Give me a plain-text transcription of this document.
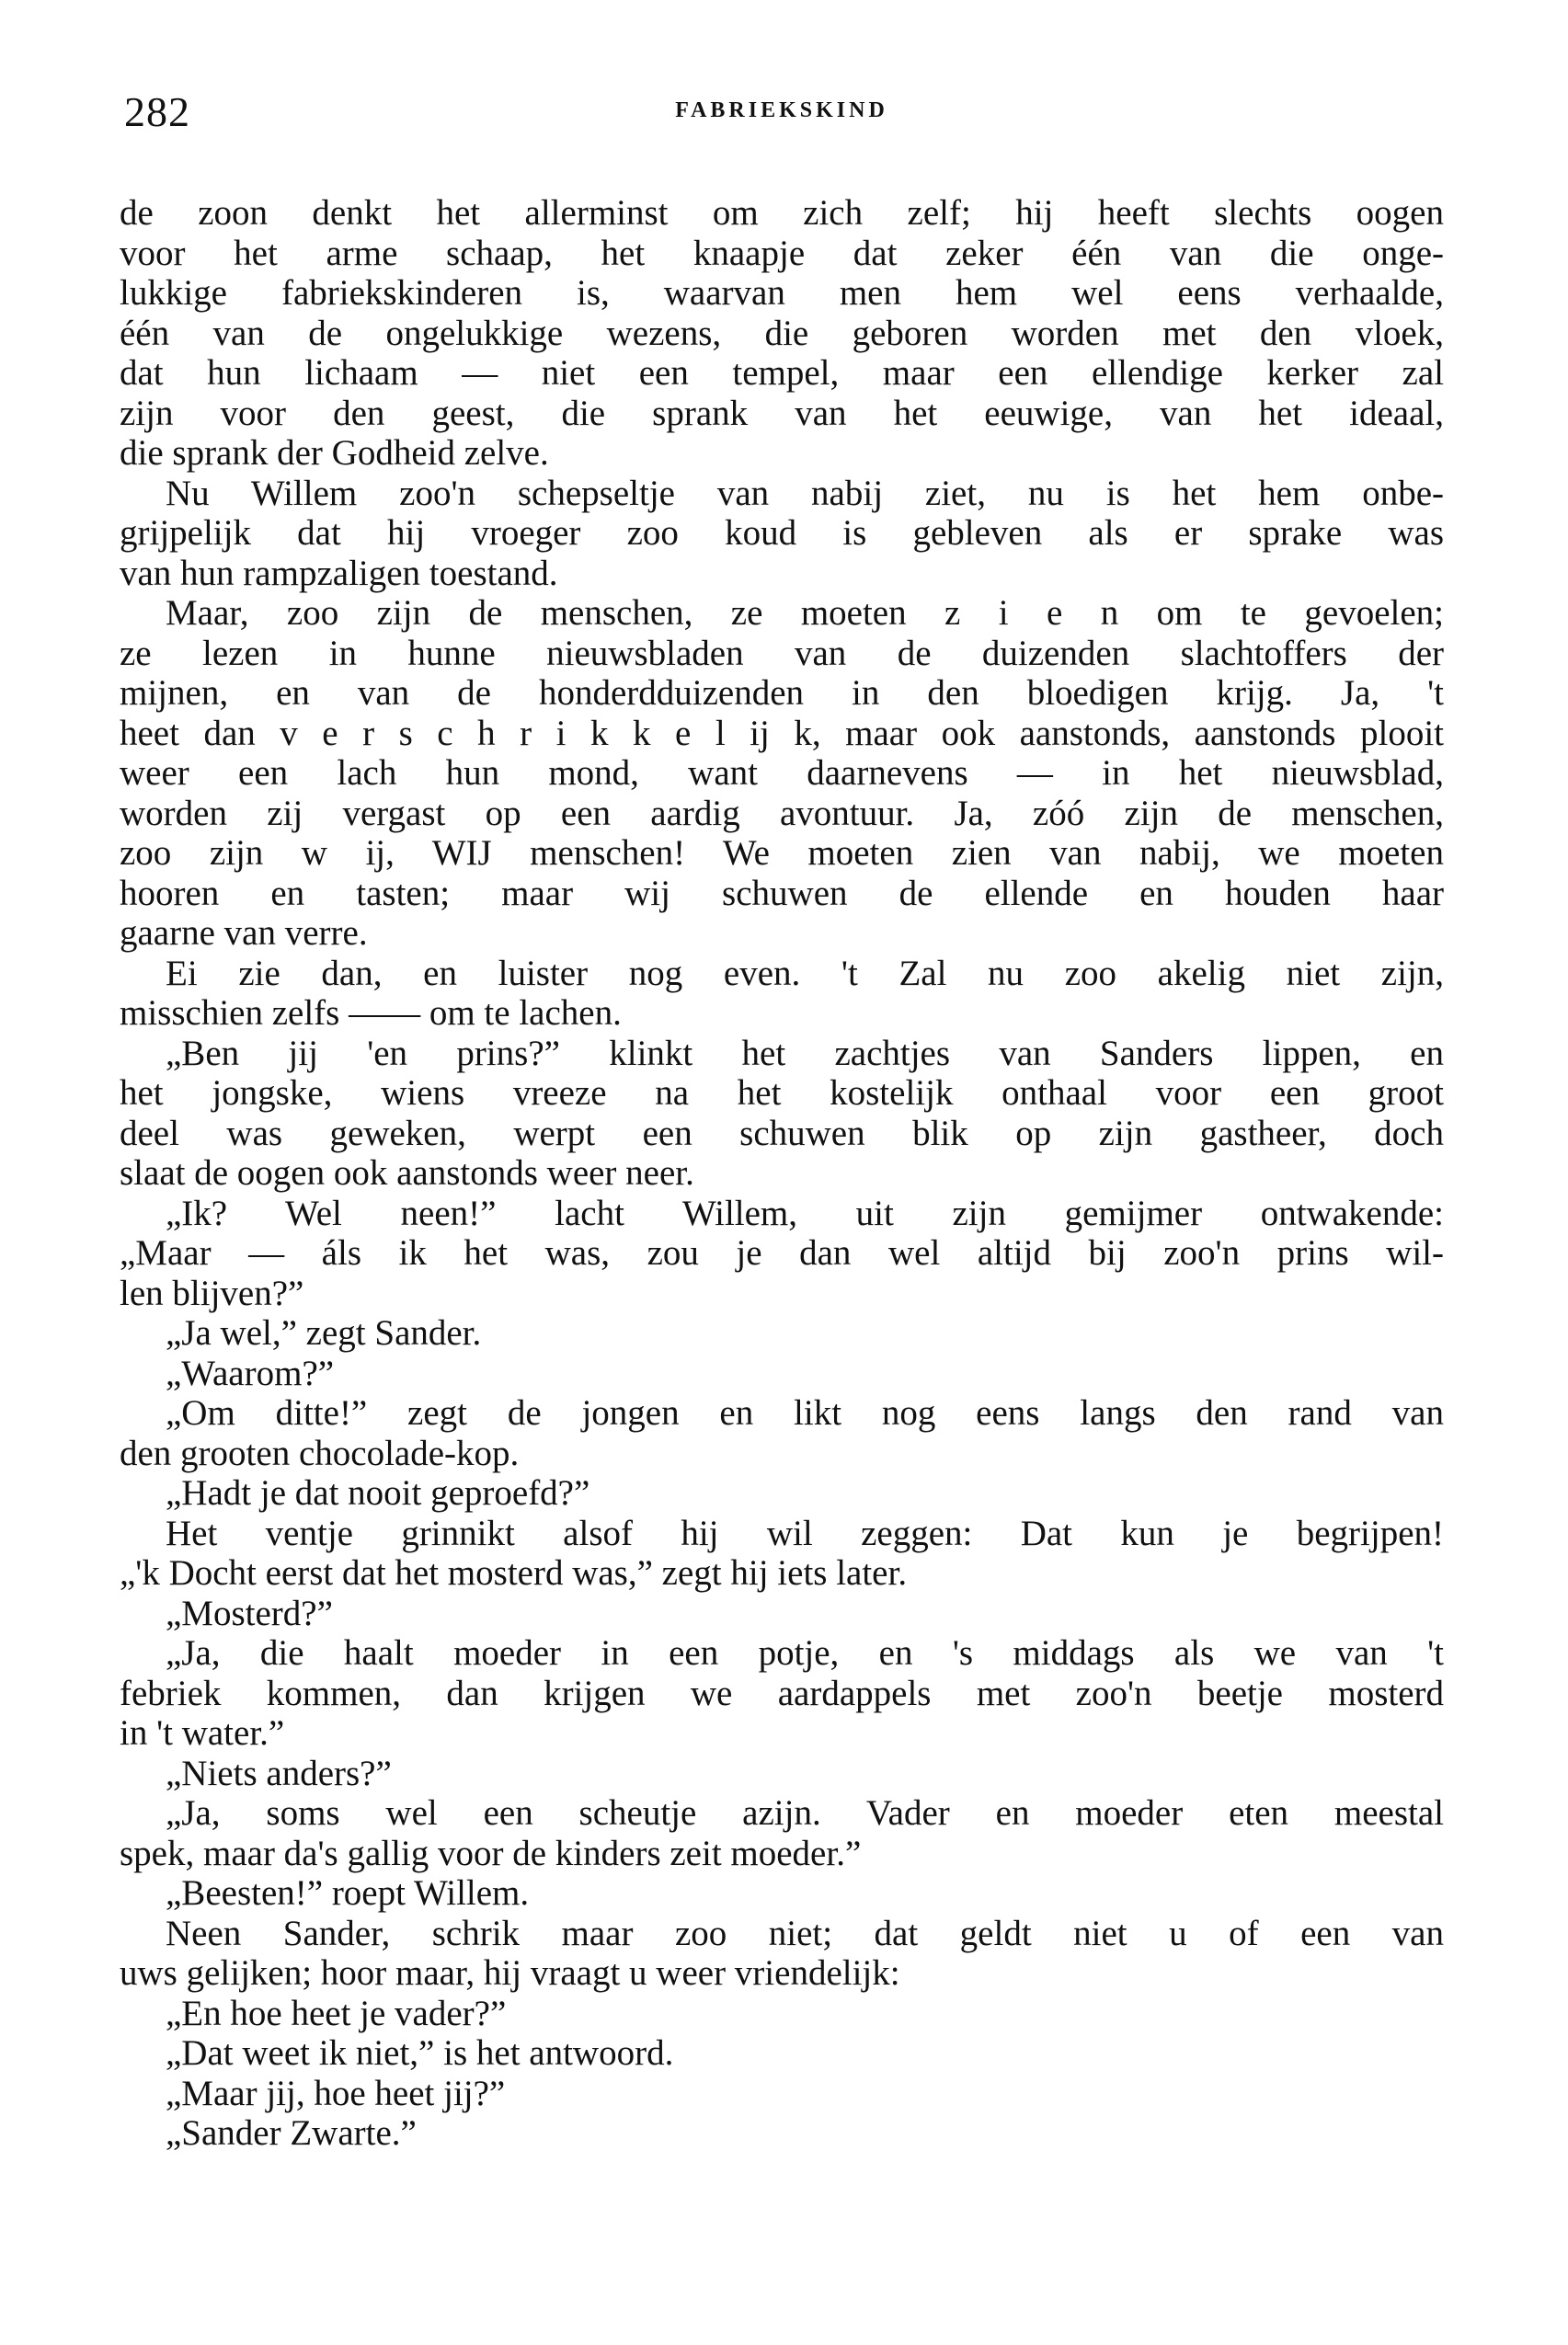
282	FABRIEKSKIND
de zoon denkt het allerminst om zich zelf; hij heeft slechts oogen
voor het arme schaap, het knaapje dat zeker één van die onge-
lukkige fabriekskinderen is, waarvan men hem wel eens verhaalde,
één van de ongelukkige wezens, die geboren worden met den vloek,
dat hun lichaam — niet een tempel, maar een ellendige kerker zal
zijn voor den geest, die sprank van het eeuwige, van het ideaal,
die sprank der Godheid zelve.
Nu Willem zoo'n schepseltje van nabij ziet, nu is het hem onbe-
grijpelijk dat hij vroeger zoo koud is gebleven als er sprake was
van hun rampzaligen toestand.
Maar, zoo zijn de menschen, ze moeten z i e n om te gevoelen;
ze lezen in hunne nieuwsbladen van de duizenden slachtoffers der
mijnen, en van de honderdduizenden in den bloedigen krijg. Ja, 't
heet dan v e r s c h r i k k e l ij k, maar ook aanstonds, aanstonds plooit
weer een lach hun mond, want daarnevens — in het nieuwsblad,
worden zij vergast op een aardig avontuur. Ja, zóó zijn de menschen,
zoo zijn w ij, WIJ menschen! We moeten zien van nabij, we moeten
hooren en tasten; maar wij schuwen de ellende en houden haar
gaarne van verre.
Ei zie dan, en luister nog even. 't Zal nu zoo akelig niet zijn,
misschien zelfs —— om te lachen.
„Ben jij 'en prins?” klinkt het zachtjes van Sanders lippen, en
het jongske, wiens vreeze na het kostelijk onthaal voor een groot
deel was geweken, werpt een schuwen blik op zijn gastheer, doch
slaat de oogen ook aanstonds weer neer.
„Ik? Wel neen!” lacht Willem, uit zijn gemijmer ontwakende:
„Maar — áls ik het was, zou je dan wel altijd bij zoo'n prins wil-
len blijven?”
„Ja wel,” zegt Sander.
„Waarom?”
„Om ditte!” zegt de jongen en likt nog eens langs den rand van
den grooten chocolade-kop.
„Hadt je dat nooit geproefd?”
Het ventje grinnikt alsof hij wil zeggen: Dat kun je begrijpen!
„'k Docht eerst dat het mosterd was,” zegt hij iets later.
„Mosterd?”
„Ja, die haalt moeder in een potje, en 's middags als we van 't
febriek kommen, dan krijgen we aardappels met zoo'n beetje mosterd
in 't water.”
„Niets anders?”
„Ja, soms wel een scheutje azijn. Vader en moeder eten meestal
spek, maar da's gallig voor de kinders zeit moeder.”
„Beesten!” roept Willem.
Neen Sander, schrik maar zoo niet; dat geldt niet u of een van
uws gelijken; hoor maar, hij vraagt u weer vriendelijk:
„En hoe heet je vader?”
„Dat weet ik niet,” is het antwoord.
„Maar jij, hoe heet jij?”
„Sander Zwarte.”
